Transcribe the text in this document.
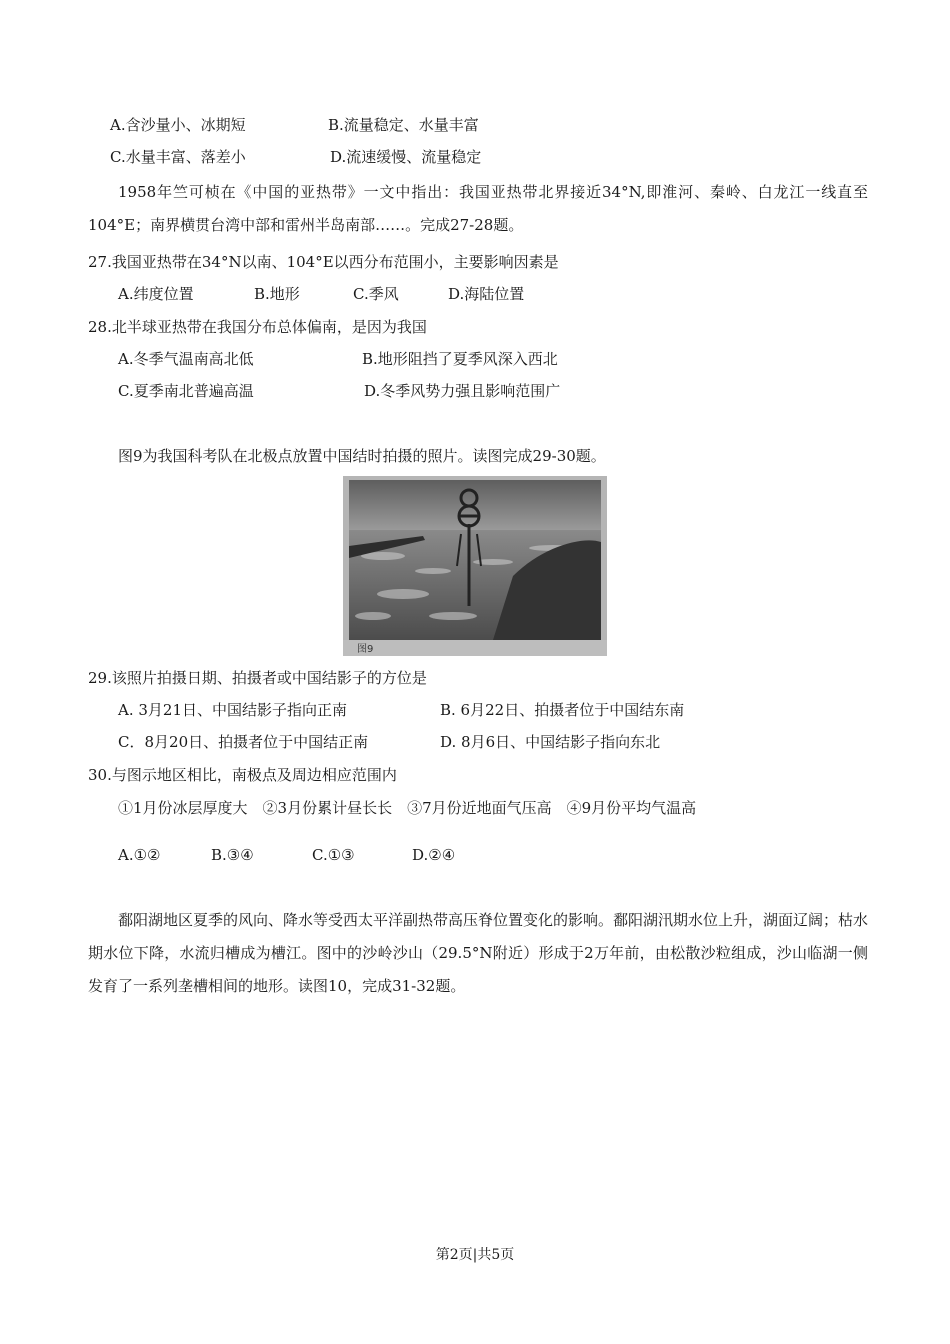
A.含沙量小、冰期短	B.流量稳定、水量丰富
C.水量丰富、落差小	D.流速缓慢、流量稳定
1958年竺可桢在《中国的亚热带》一文中指出：我国亚热带北界接近34°N,即淮河、秦岭、白龙江一线直至104°E；南界横贯台湾中部和雷州半岛南部……。完成27-28题。
27.我国亚热带在34°N以南、104°E以西分布范围小，主要影响因素是
A.纬度位置	B.地形	C.季风	D.海陆位置
28.北半球亚热带在我国分布总体偏南，是因为我国
A.冬季气温南高北低	B.地形阻挡了夏季风深入西北
C.夏季南北普遍高温	D.冬季风势力强且影响范围广
图9为我国科考队在北极点放置中国结时拍摄的照片。读图完成29-30题。
图9
29.该照片拍摄日期、拍摄者或中国结影子的方位是
A. 3月21日、中国结影子指向正南	B. 6月22日、拍摄者位于中国结东南
C．8月20日、拍摄者位于中国结正南	D. 8月6日、中国结影子指向东北
30.与图示地区相比，南极点及周边相应范围内
①1月份冰层厚度大　②3月份累计昼长长　③7月份近地面气压高　④9月份平均气温高
A.①②	B.③④	C.①③	D.②④
鄱阳湖地区夏季的风向、降水等受西太平洋副热带高压脊位置变化的影响。鄱阳湖汛期水位上升，湖面辽阔；枯水期水位下降，水流归槽成为槽江。图中的沙岭沙山（29.5°N附近）形成于2万年前，由松散沙粒组成，沙山临湖一侧发育了一系列垄槽相间的地形。读图10，完成31-32题。
第2页|共5页
